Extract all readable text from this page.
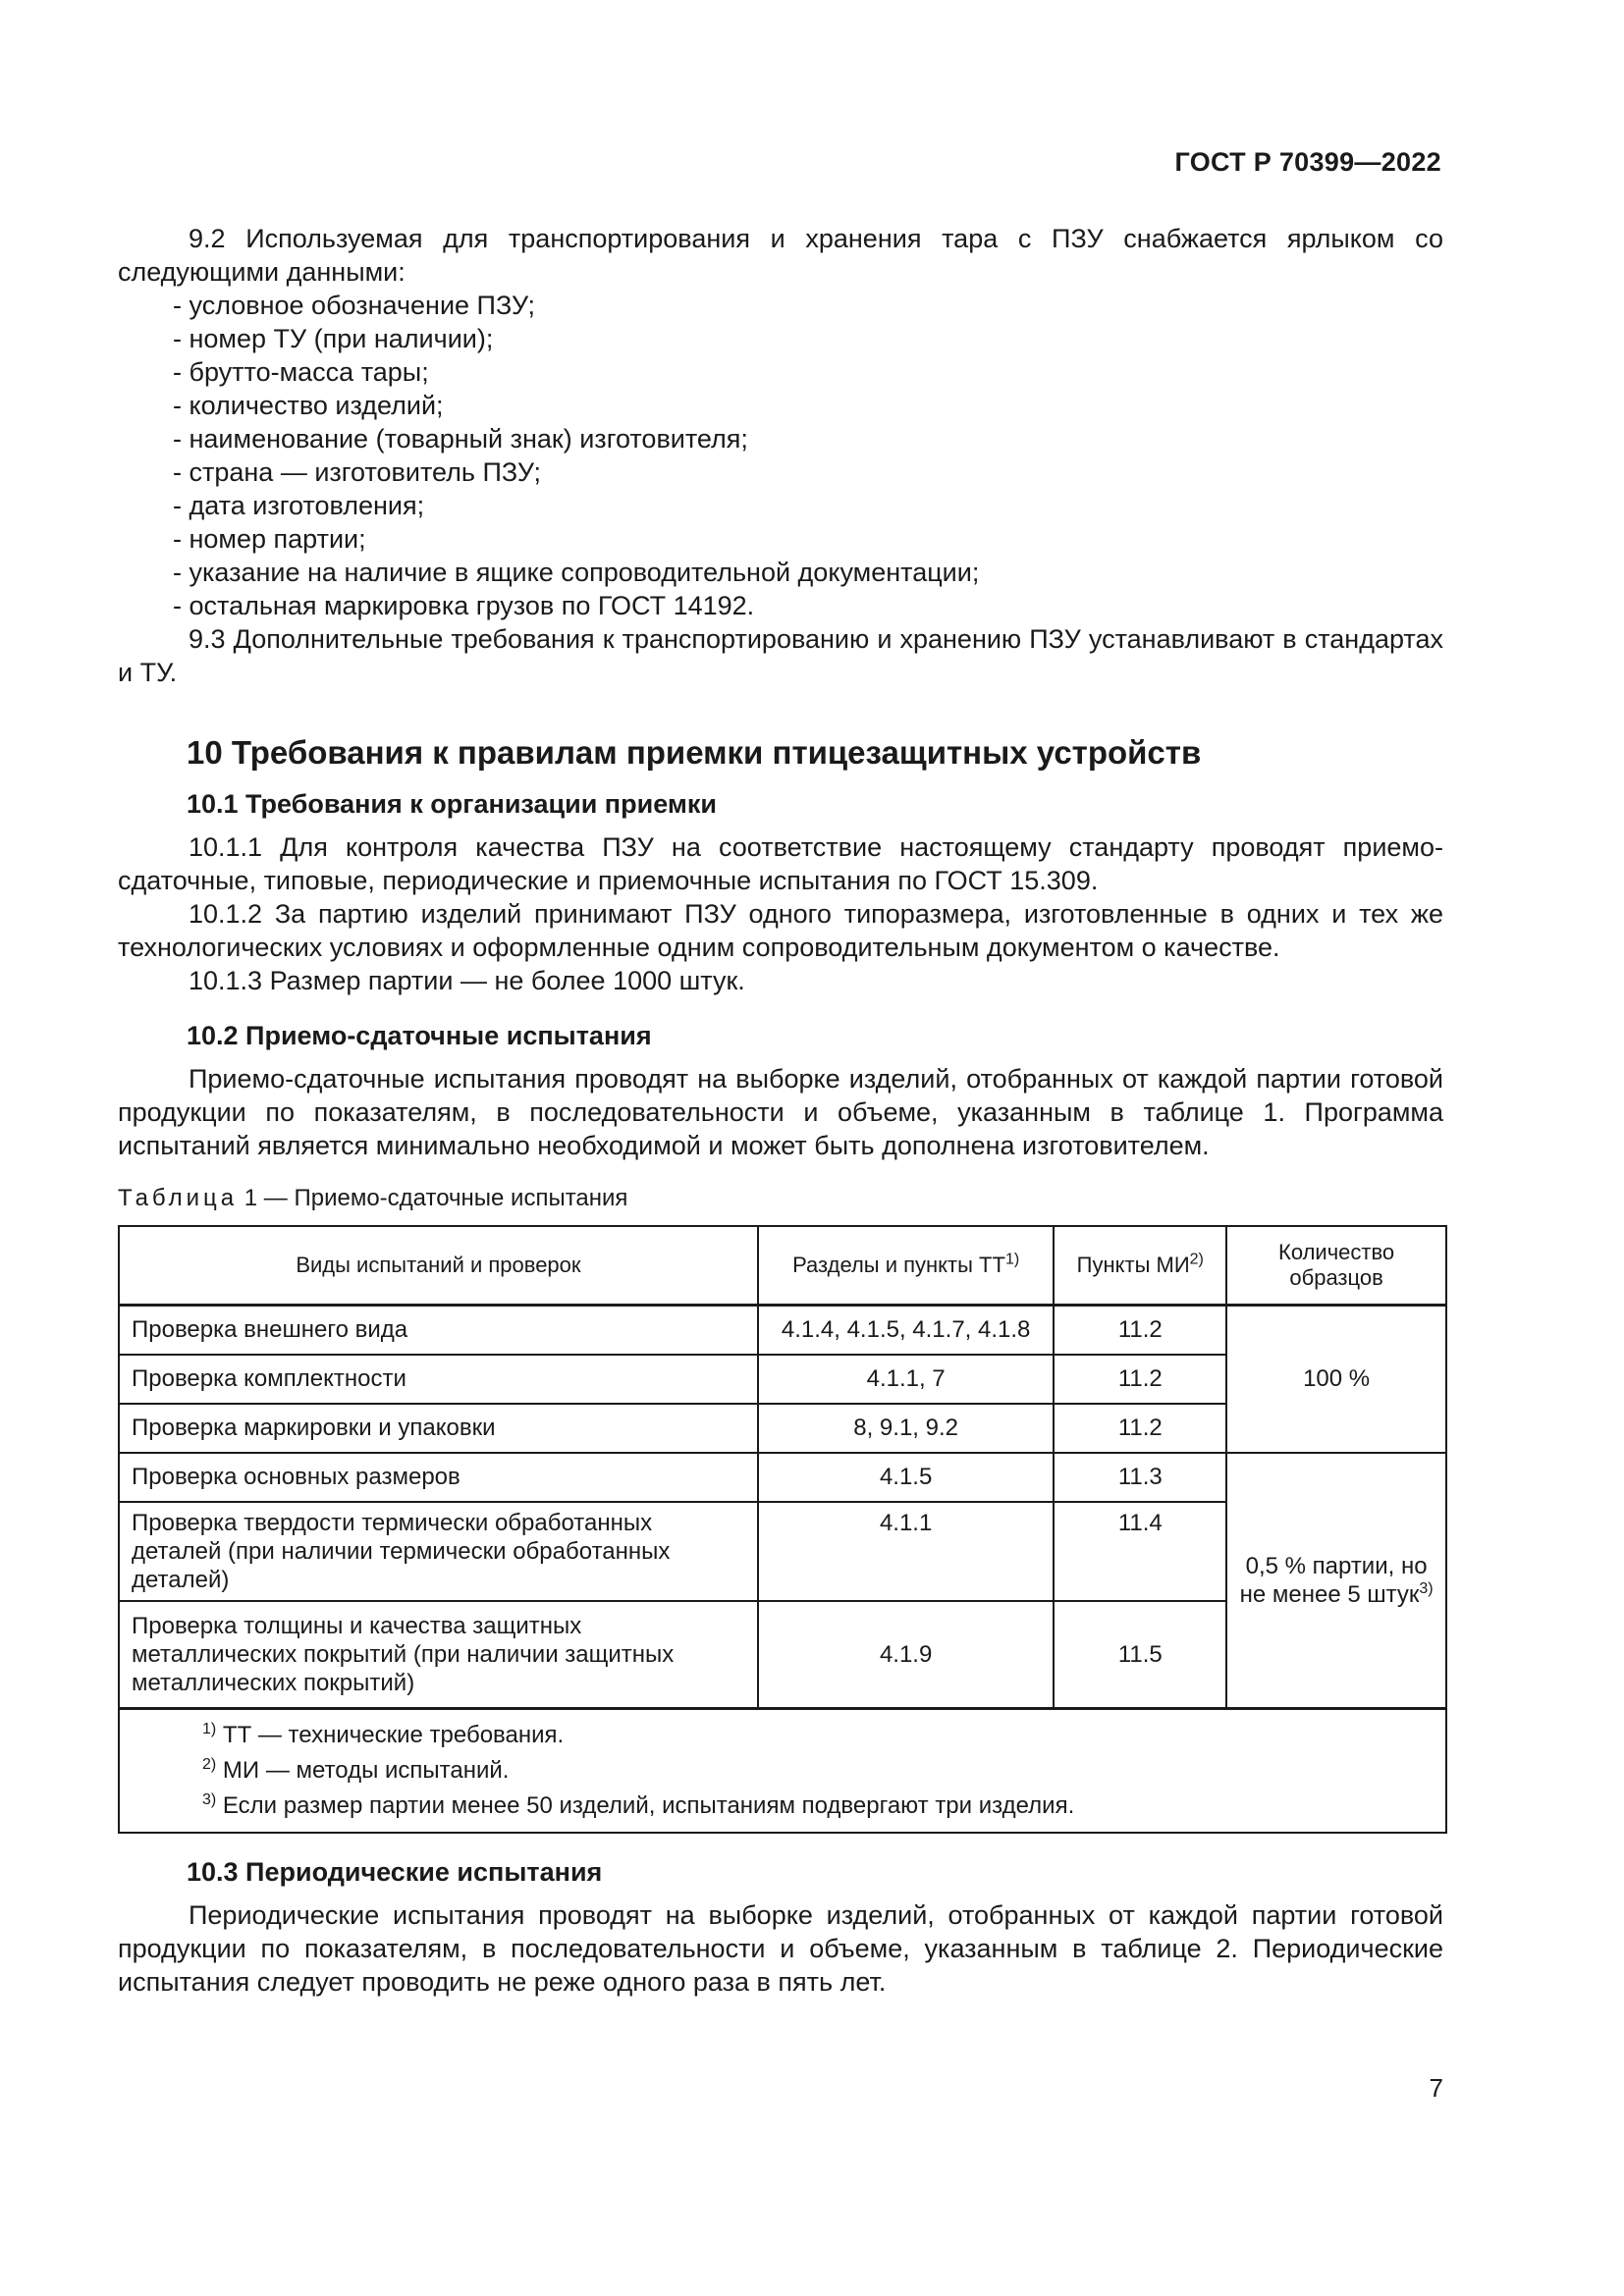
ГОСТ Р 70399—2022

9.2 Используемая для транспортирования и хранения тара с ПЗУ снабжается ярлыком со следующими данными:

- условное обозначение ПЗУ;
- номер ТУ (при наличии);
- брутто-масса тары;
- количество изделий;
- наименование (товарный знак) изготовителя;
- страна — изготовитель ПЗУ;
- дата изготовления;
- номер партии;
- указание на наличие в ящике сопроводительной документации;
- остальная маркировка грузов по ГОСТ 14192.

9.3 Дополнительные требования к транспортированию и хранению ПЗУ устанавливают в стандартах и ТУ.

10 Требования к правилам приемки птицезащитных устройств
10.1 Требования к организации приемки

10.1.1 Для контроля качества ПЗУ на соответствие настоящему стандарту проводят приемо-сдаточные, типовые, периодические и приемочные испытания по ГОСТ 15.309.

10.1.2 За партию изделий принимают ПЗУ одного типоразмера, изготовленные в одних и тех же технологических условиях и оформленные одним сопроводительным документом о качестве.

10.1.3 Размер партии — не более 1000 штук.

10.2 Приемо-сдаточные испытания

Приемо-сдаточные испытания проводят на выборке изделий, отобранных от каждой партии готовой продукции по показателям, в последовательности и объеме, указанным в таблице 1. Программа испытаний является минимально необходимой и может быть дополнена изготовителем.

Таблица 1 — Приемо-сдаточные испытания
Виды испытаний и проверок	Разделы и пункты ТТ$^{1)}$	Пункты МИ$^{2)}$	Количество образцов
Проверка внешнего вида	4.1.4, 4.1.5, 4.1.7, 4.1.8	11.2	100 %
Проверка комплектности	4.1.1, 7	11.2	
Проверка маркировки и упаковки	8, 9.1, 9.2	11.2	
Проверка основных размеров	4.1.5	11.3	0,5 % партии, но не менее 5 штук$^{3)}$
Проверка твердости термически обработанных деталей (при наличии термически обработанных деталей)	4.1.1	11.4	
Проверка толщины и качества защитных металлических покрытий (при наличии защитных металлических покрытий)	4.1.9	11.5	

$^{1)}$ ТТ — технические требования.
$^{2)}$ МИ — методы испытаний.
$^{3)}$ Если размер партии менее 50 изделий, испытаниям подвергают три изделия.			
10.3 Периодические испытания

Периодические испытания проводят на выборке изделий, отобранных от каждой партии готовой продукции по показателям, в последовательности и объеме, указанным в таблице 2. Периодические испытания следует проводить не реже одного раза в пять лет.

7
